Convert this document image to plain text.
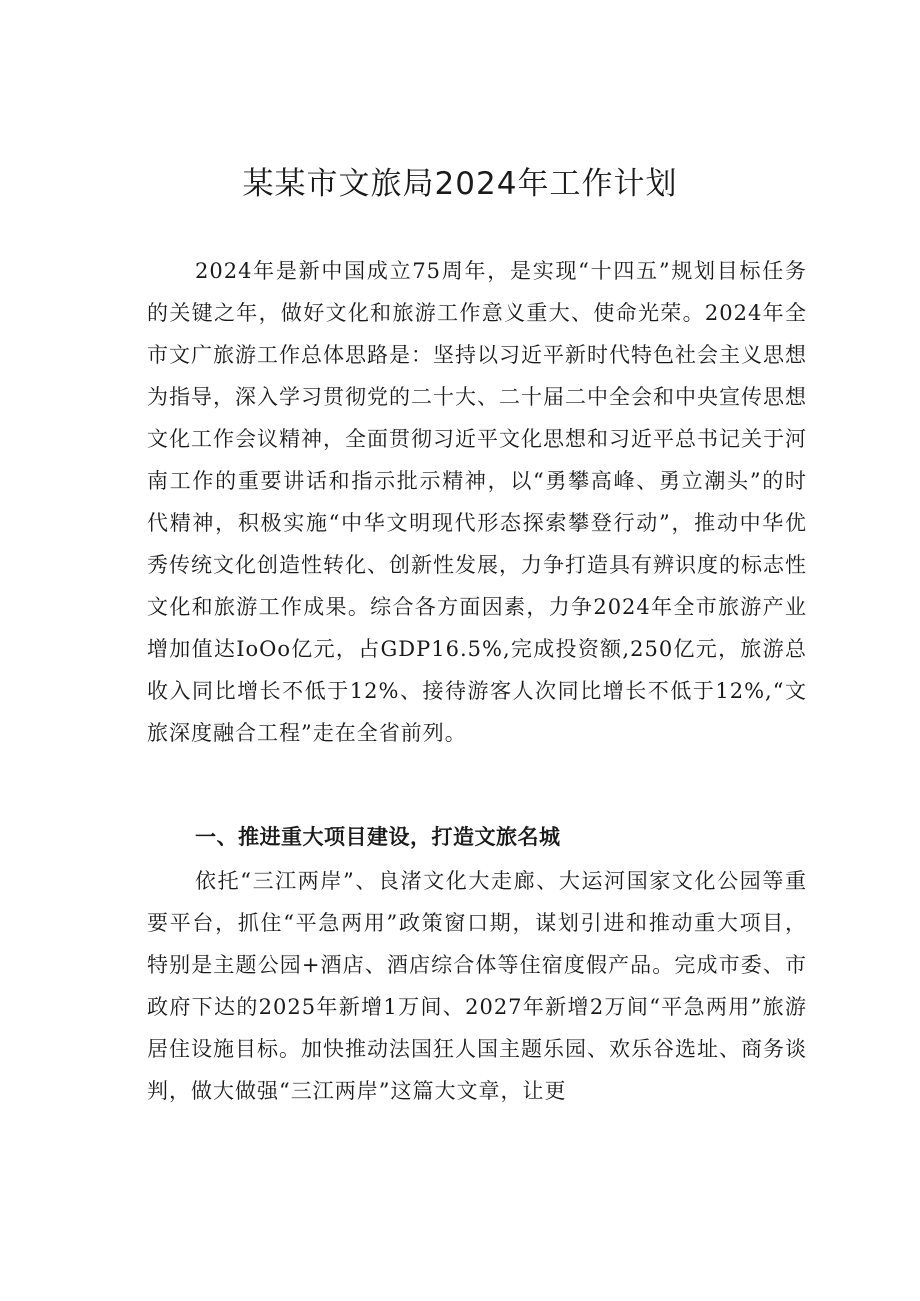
某某市文旅局2024年工作计划

2024年是新中国成立75周年，是实现“十四五”规划目标任务的关键之年，做好文化和旅游工作意义重大、使命光荣。2024年全市文广旅游工作总体思路是：坚持以习近平新时代特色社会主义思想为指导，深入学习贯彻党的二十大、二十届二中全会和中央宣传思想文化工作会议精神，全面贯彻习近平文化思想和习近平总书记关于河南工作的重要讲话和指示批示精神，以“勇攀高峰、勇立潮头”的时代精神，积极实施“中华文明现代形态探索攀登行动”，推动中华优秀传统文化创造性转化、创新性发展，力争打造具有辨识度的标志性文化和旅游工作成果。综合各方面因素，力争2024年全市旅游产业增加值达IoOo亿元，占GDP16.5%,完成投资额,250亿元，旅游总收入同比增长不低于12%、接待游客人次同比增长不低于12%,“文旅深度融合工程”走在全省前列。

一、推进重大项目建设，打造文旅名城

依托“三江两岸”、良渚文化大走廊、大运河国家文化公园等重要平台，抓住“平急两用”政策窗口期，谋划引进和推动重大项目，特别是主题公园+酒店、酒店综合体等住宿度假产品。完成市委、市政府下达的2025年新增1万间、2027年新增2万间“平急两用”旅游居住设施目标。加快推动法国狂人国主题乐园、欢乐谷选址、商务谈判，做大做强“三江两岸”这篇大文章，让更
